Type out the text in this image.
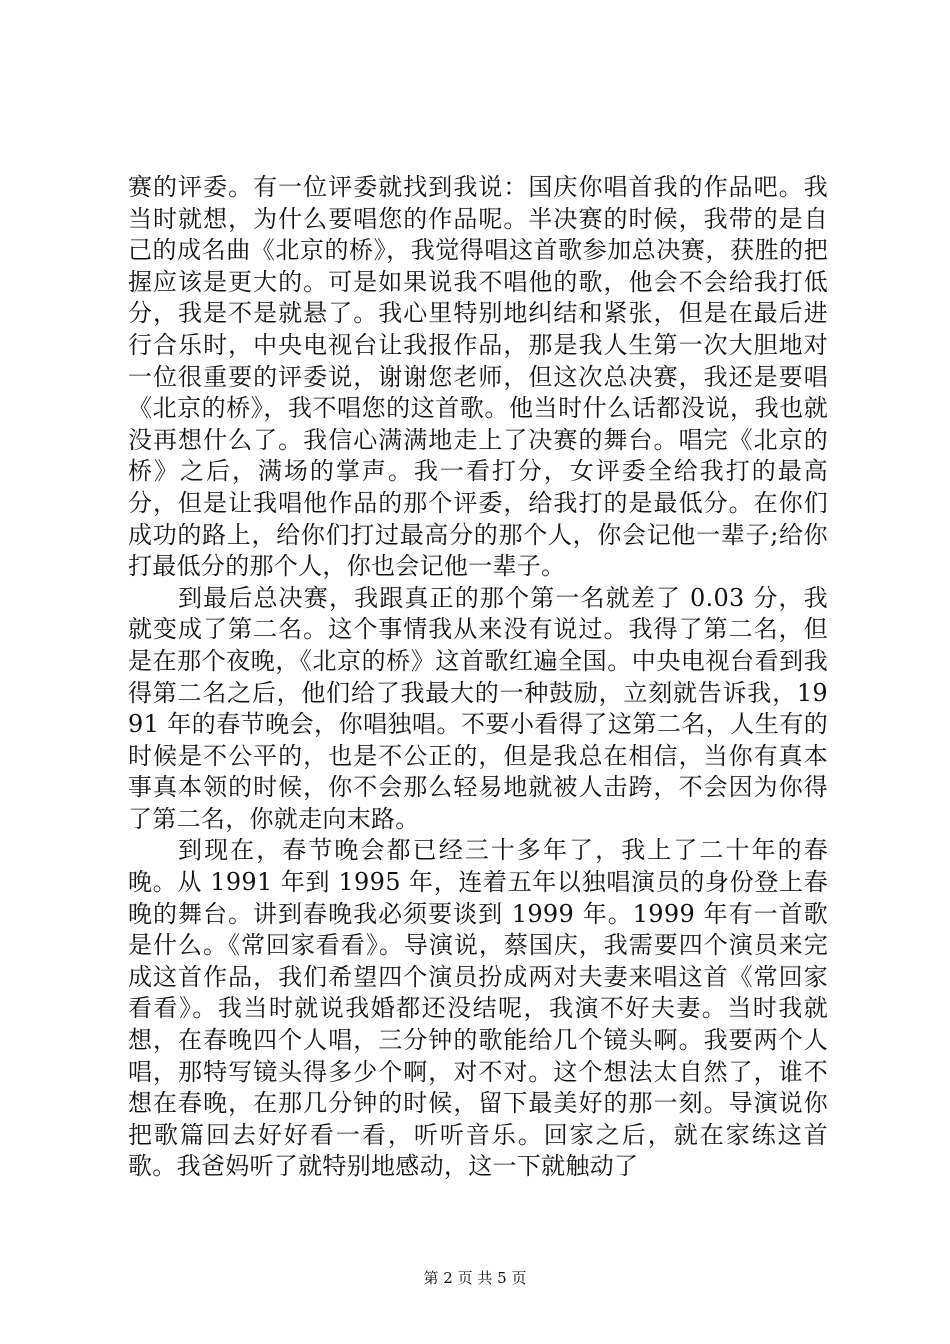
赛的评委。有一位评委就找到我说：国庆你唱首我的作品吧。我当时就想，为什么要唱您的作品呢。半决赛的时候，我带的是自己的成名曲《北京的桥》，我觉得唱这首歌参加总决赛，获胜的把握应该是更大的。可是如果说我不唱他的歌，他会不会给我打低分，我是不是就悬了。我心里特别地纠结和紧张，但是在最后进行合乐时，中央电视台让我报作品，那是我人生第一次大胆地对一位很重要的评委说，谢谢您老师，但这次总决赛，我还是要唱《北京的桥》，我不唱您的这首歌。他当时什么话都没说，我也就没再想什么了。我信心满满地走上了决赛的舞台。唱完《北京的桥》之后，满场的掌声。我一看打分，女评委全给我打的最高分，但是让我唱他作品的那个评委，给我打的是最低分。在你们成功的路上，给你们打过最高分的那个人，你会记他一辈子;给你打最低分的那个人，你也会记他一辈子。

到最后总决赛，我跟真正的那个第一名就差了 0.03 分，我就变成了第二名。这个事情我从来没有说过。我得了第二名，但是在那个夜晚，《北京的桥》这首歌红遍全国。中央电视台看到我得第二名之后，他们给了我最大的一种鼓励，立刻就告诉我，1991 年的春节晚会，你唱独唱。不要小看得了这第二名，人生有的时候是不公平的，也是不公正的，但是我总在相信，当你有真本事真本领的时候，你不会那么轻易地就被人击跨，不会因为你得了第二名，你就走向末路。

到现在，春节晚会都已经三十多年了，我上了二十年的春晚。从 1991 年到 1995 年，连着五年以独唱演员的身份登上春晚的舞台。讲到春晚我必须要谈到 1999 年。1999 年有一首歌是什么。《常回家看看》。导演说，蔡国庆，我需要四个演员来完成这首作品，我们希望四个演员扮成两对夫妻来唱这首《常回家看看》。我当时就说我婚都还没结呢，我演不好夫妻。当时我就想，在春晚四个人唱，三分钟的歌能给几个镜头啊。我要两个人唱，那特写镜头得多少个啊，对不对。这个想法太自然了，谁不想在春晚，在那几分钟的时候，留下最美好的那一刻。导演说你把歌篇回去好好看一看，听听音乐。回家之后，就在家练这首歌。我爸妈听了就特别地感动，这一下就触动了

第 2 页 共 5 页
